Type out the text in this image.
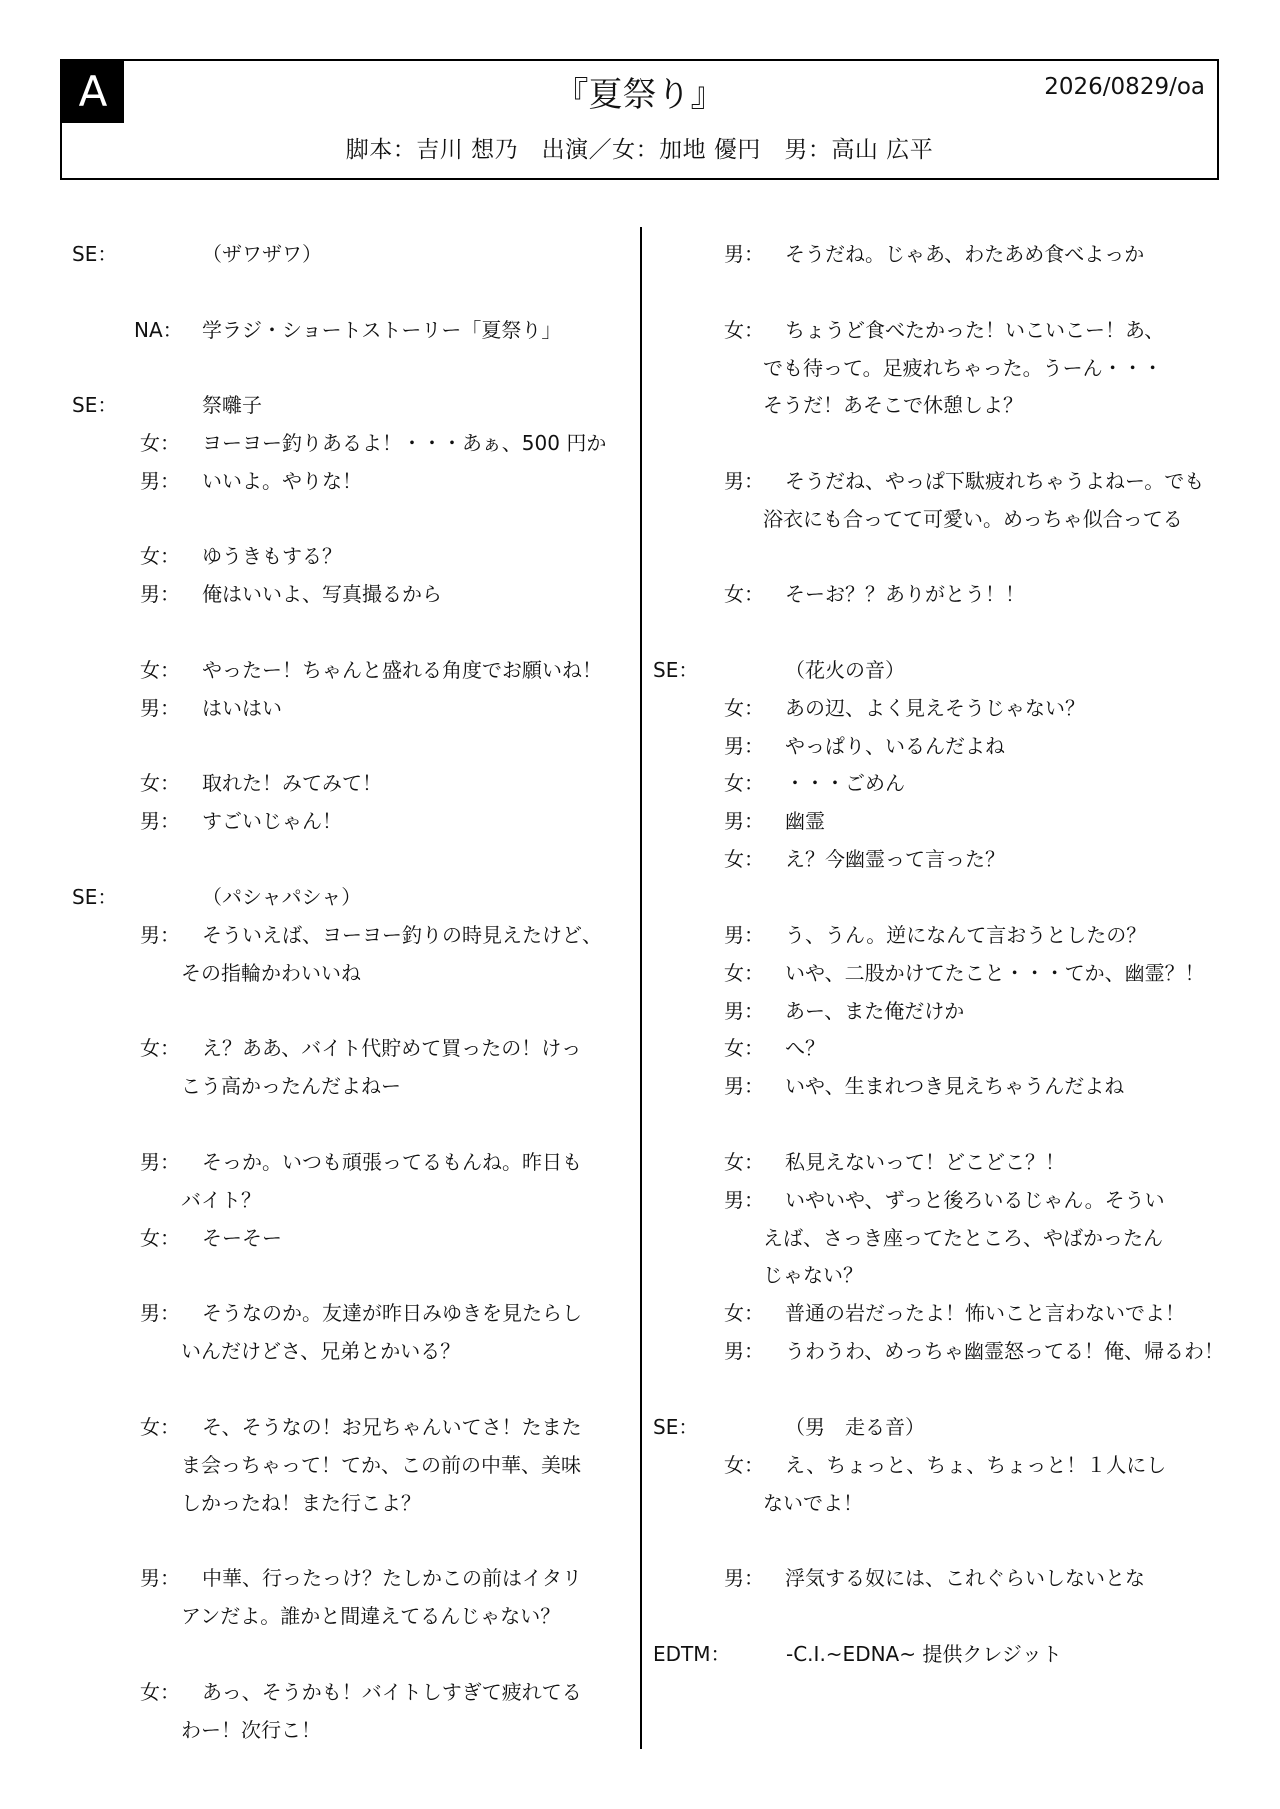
A	『夏祭り』	2026/0829/oa
脚本：吉川 想乃　出演／女：加地 優円　男：高山 広平
SE：	（ザワザワ）
NA： 学ラジ・ショートストーリー「夏祭り」
SE：	祭囃子
女： ヨーヨー釣りあるよ！・・・あぁ、500 円か
男： いいよ。やりな！
女： ゆうきもする？
男： 俺はいいよ、写真撮るから
女： やったー！ちゃんと盛れる角度でお願いね！
男： はいはい
女： 取れた！みてみて！
男： すごいじゃん！
SE：	（パシャパシャ）
男： そういえば、ヨーヨー釣りの時見えたけど、
その指輪かわいいね
女： え？ああ、バイト代貯めて買ったの！けっ
こう高かったんだよねー
男： そっか。いつも頑張ってるもんね。昨日も
バイト？
女： そーそー
男： そうなのか。友達が昨日みゆきを見たらし
いんだけどさ、兄弟とかいる？
女： そ、そうなの！お兄ちゃんいてさ！たまた
ま会っちゃって！てか、この前の中華、美味
しかったね！また行こよ？
男： 中華、行ったっけ？たしかこの前はイタリ
アンだよ。誰かと間違えてるんじゃない？
女： あっ、そうかも！バイトしすぎて疲れてる
わー！次行こ！
男： そうだね。じゃあ、わたあめ食べよっか
女： ちょうど食べたかった！いこいこー！あ、
でも待って。足疲れちゃった。うーん・・・
そうだ！あそこで休憩しよ？
男： そうだね、やっぱ下駄疲れちゃうよねー。でも
浴衣にも合ってて可愛い。めっちゃ似合ってる
女： そーお？？ありがとう！！
SE：	（花火の音）
女： あの辺、よく見えそうじゃない？
男： やっぱり、いるんだよね
女： ・・・ごめん
男： 幽霊
女： え？今幽霊って言った？
男： う、うん。逆になんて言おうとしたの？
女： いや、二股かけてたこと・・・てか、幽霊？！
男： あー、また俺だけか
女： へ？
男： いや、生まれつき見えちゃうんだよね
女： 私見えないって！どこどこ？！
男： いやいや、ずっと後ろいるじゃん。そうい
えば、さっき座ってたところ、やばかったん
じゃない？
女： 普通の岩だったよ！怖いこと言わないでよ！
男： うわうわ、めっちゃ幽霊怒ってる！俺、帰るわ！
SE：	（男　走る音）
女： え、ちょっと、ちょ、ちょっと！１人にし
ないでよ！
男： 浮気する奴には、これぐらいしないとな
EDTM：	-C.I.~EDNA~ 提供クレジット
